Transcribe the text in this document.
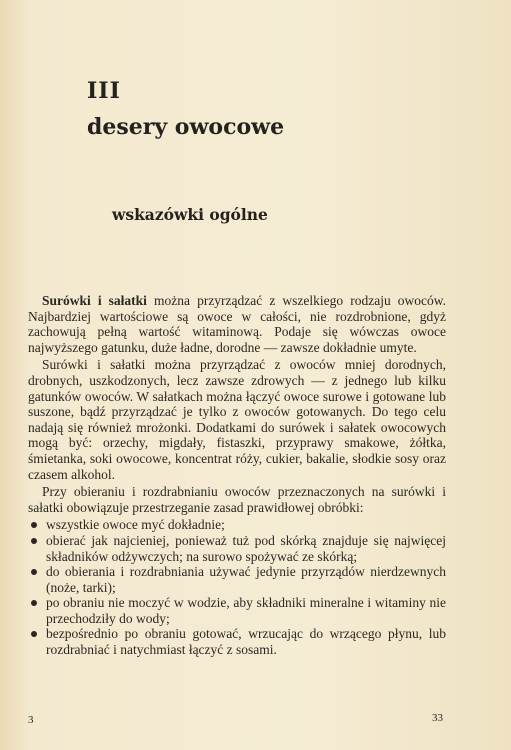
III
desery owocowe
wskazówki ogólne

Surówki i sałatki można przyrządzać z wszelkiego rodzaju owoców. Najbardziej wartościowe są owoce w całości, nie rozdrobnione, gdyż zachowują pełną wartość witaminową. Podaje się wówczas owoce najwyższego gatunku, duże ładne, dorodne — zawsze dokładnie umyte.

Surówki i sałatki można przyrządzać z owoców mniej dorodnych, drobnych, uszkodzonych, lecz zawsze zdrowych — z jednego lub kilku gatunków owoców. W sałatkach można łączyć owoce surowe i gotowane lub suszone, bądź przyrządzać je tylko z owoców gotowanych. Do tego celu nadają się również mrożonki. Dodatkami do surówek i sałatek owocowych mogą być: orzechy, migdały, fistaszki, przyprawy smakowe, żółtka, śmietanka, soki owocowe, koncentrat róży, cukier, bakalie, słodkie sosy oraz czasem alkohol.

Przy obieraniu i rozdrabnianiu owoców przeznaczonych na surówki i sałatki obowiązuje przestrzeganie zasad prawidłowej obróbki:

wszystkie owoce myć dokładnie;
obierać jak najcieniej, ponieważ tuż pod skórką znajduje się najwięcej składników odżywczych; na surowo spożywać ze skórką;
do obierania i rozdrabniania używać jedynie przyrządów nierdzewnych (noże, tarki);
po obraniu nie moczyć w wodzie, aby składniki mineralne i witaminy nie przechodziły do wody;
bezpośrednio po obraniu gotować, wrzucając do wrzącego płynu, lub rozdrabniać i natychmiast łączyć z sosami.
3	33
